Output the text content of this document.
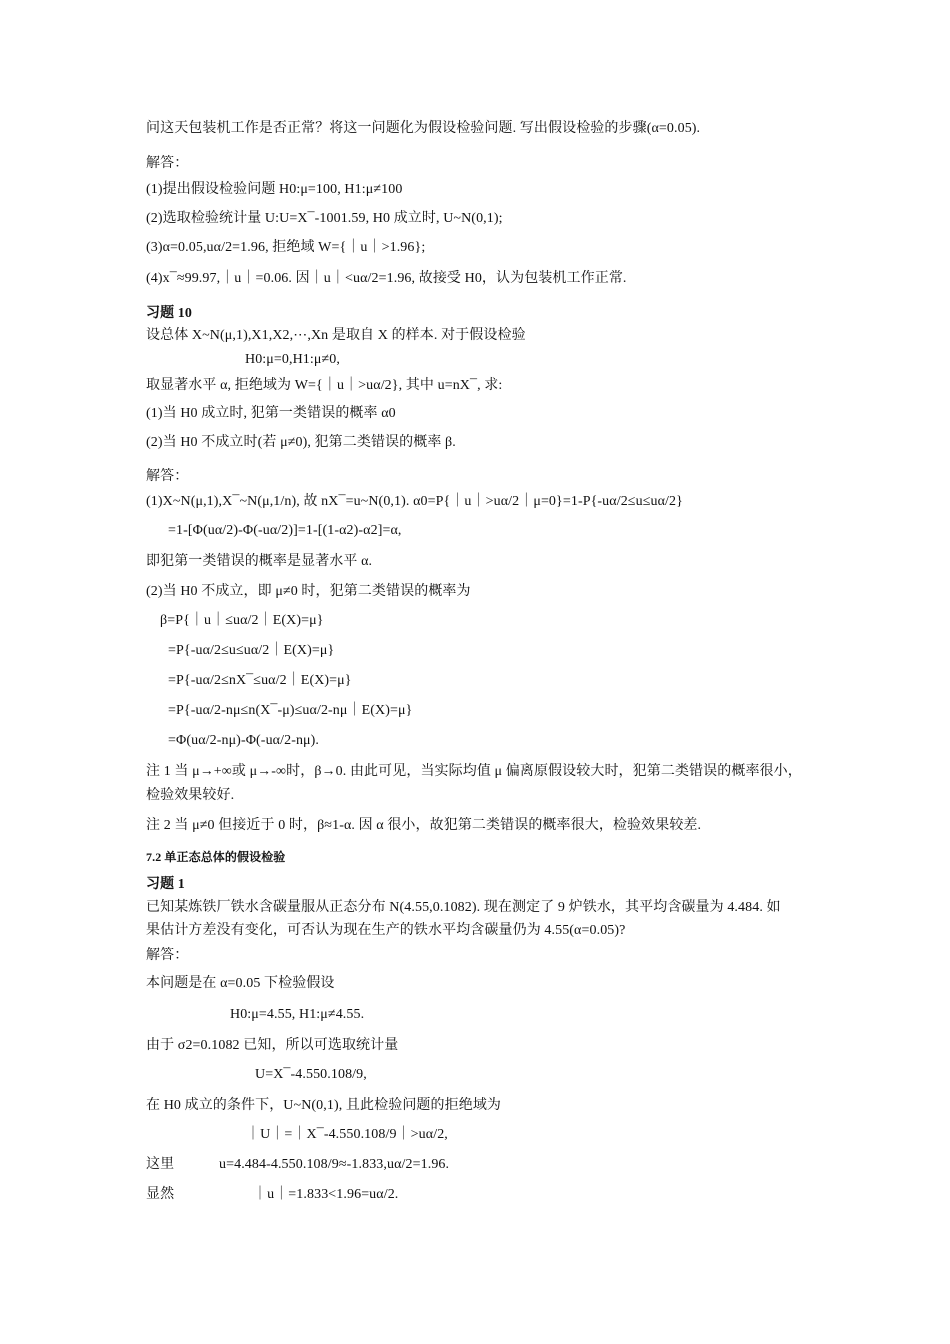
问这天包装机工作是否正常？将这一问题化为假设检验问题. 写出假设检验的步骤(α=0.05).
解答：
(1)提出假设检验问题 H0:μ=100, H1:μ≠100
(2)选取检验统计量 U:U=X¯-1001.59, H0 成立时, U~N(0,1);
(3)α=0.05,uα/2=1.96, 拒绝域 W={｜u｜>1.96};
(4)x¯≈99.97,｜u｜=0.06. 因｜u｜<uα/2=1.96, 故接受 H0，认为包装机工作正常.
习题 10
设总体 X~N(μ,1),X1,X2,⋯,Xn 是取自 X 的样本. 对于假设检验
H0:μ=0,H1:μ≠0,
取显著水平 α, 拒绝域为 W={｜u｜>uα/2}, 其中 u=nX¯, 求:
(1)当 H0 成立时, 犯第一类错误的概率 α0
(2)当 H0 不成立时(若 μ≠0), 犯第二类错误的概率 β.
解答：
(1)X~N(μ,1),X¯~N(μ,1/n), 故 nX¯=u~N(0,1). α0=P{｜u｜>uα/2｜μ=0}=1-P{-uα/2≤u≤uα/2}
=1-[Φ(uα/2)-Φ(-uα/2)]=1-[(1-α2)-α2]=α,
即犯第一类错误的概率是显著水平 α.
(2)当 H0 不成立，即 μ≠0 时，犯第二类错误的概率为
β=P{｜u｜≤uα/2｜E(X)=μ}
=P{-uα/2≤u≤uα/2｜E(X)=μ}
=P{-uα/2≤nX¯≤uα/2｜E(X)=μ}
=P{-uα/2-nμ≤n(X¯-μ)≤uα/2-nμ｜E(X)=μ}
=Φ(uα/2-nμ)-Φ(-uα/2-nμ).
注 1 当 μ→+∞或 μ→-∞时，β→0. 由此可见，当实际均值 μ 偏离原假设较大时，犯第二类错误的概率很小，
检验效果较好.
注 2 当 μ≠0 但接近于 0 时，β≈1-α. 因 α 很小，故犯第二类错误的概率很大，检验效果较差.
7.2 单正态总体的假设检验
习题 1
已知某炼铁厂铁水含碳量服从正态分布 N(4.55,0.1082). 现在测定了 9 炉铁水，其平均含碳量为 4.484. 如
果估计方差没有变化，可否认为现在生产的铁水平均含碳量仍为 4.55(α=0.05)?
解答：
本问题是在 α=0.05 下检验假设
H0:μ=4.55, H1:μ≠4.55.
由于 σ2=0.1082 已知，所以可选取统计量
U=X¯-4.550.108/9,
在 H0 成立的条件下，U~N(0,1), 且此检验问题的拒绝域为
｜U｜=｜X¯-4.550.108/9｜>uα/2,
这里	u=4.484-4.550.108/9≈-1.833,uα/2=1.96.
显然	｜u｜=1.833<1.96=uα/2.
